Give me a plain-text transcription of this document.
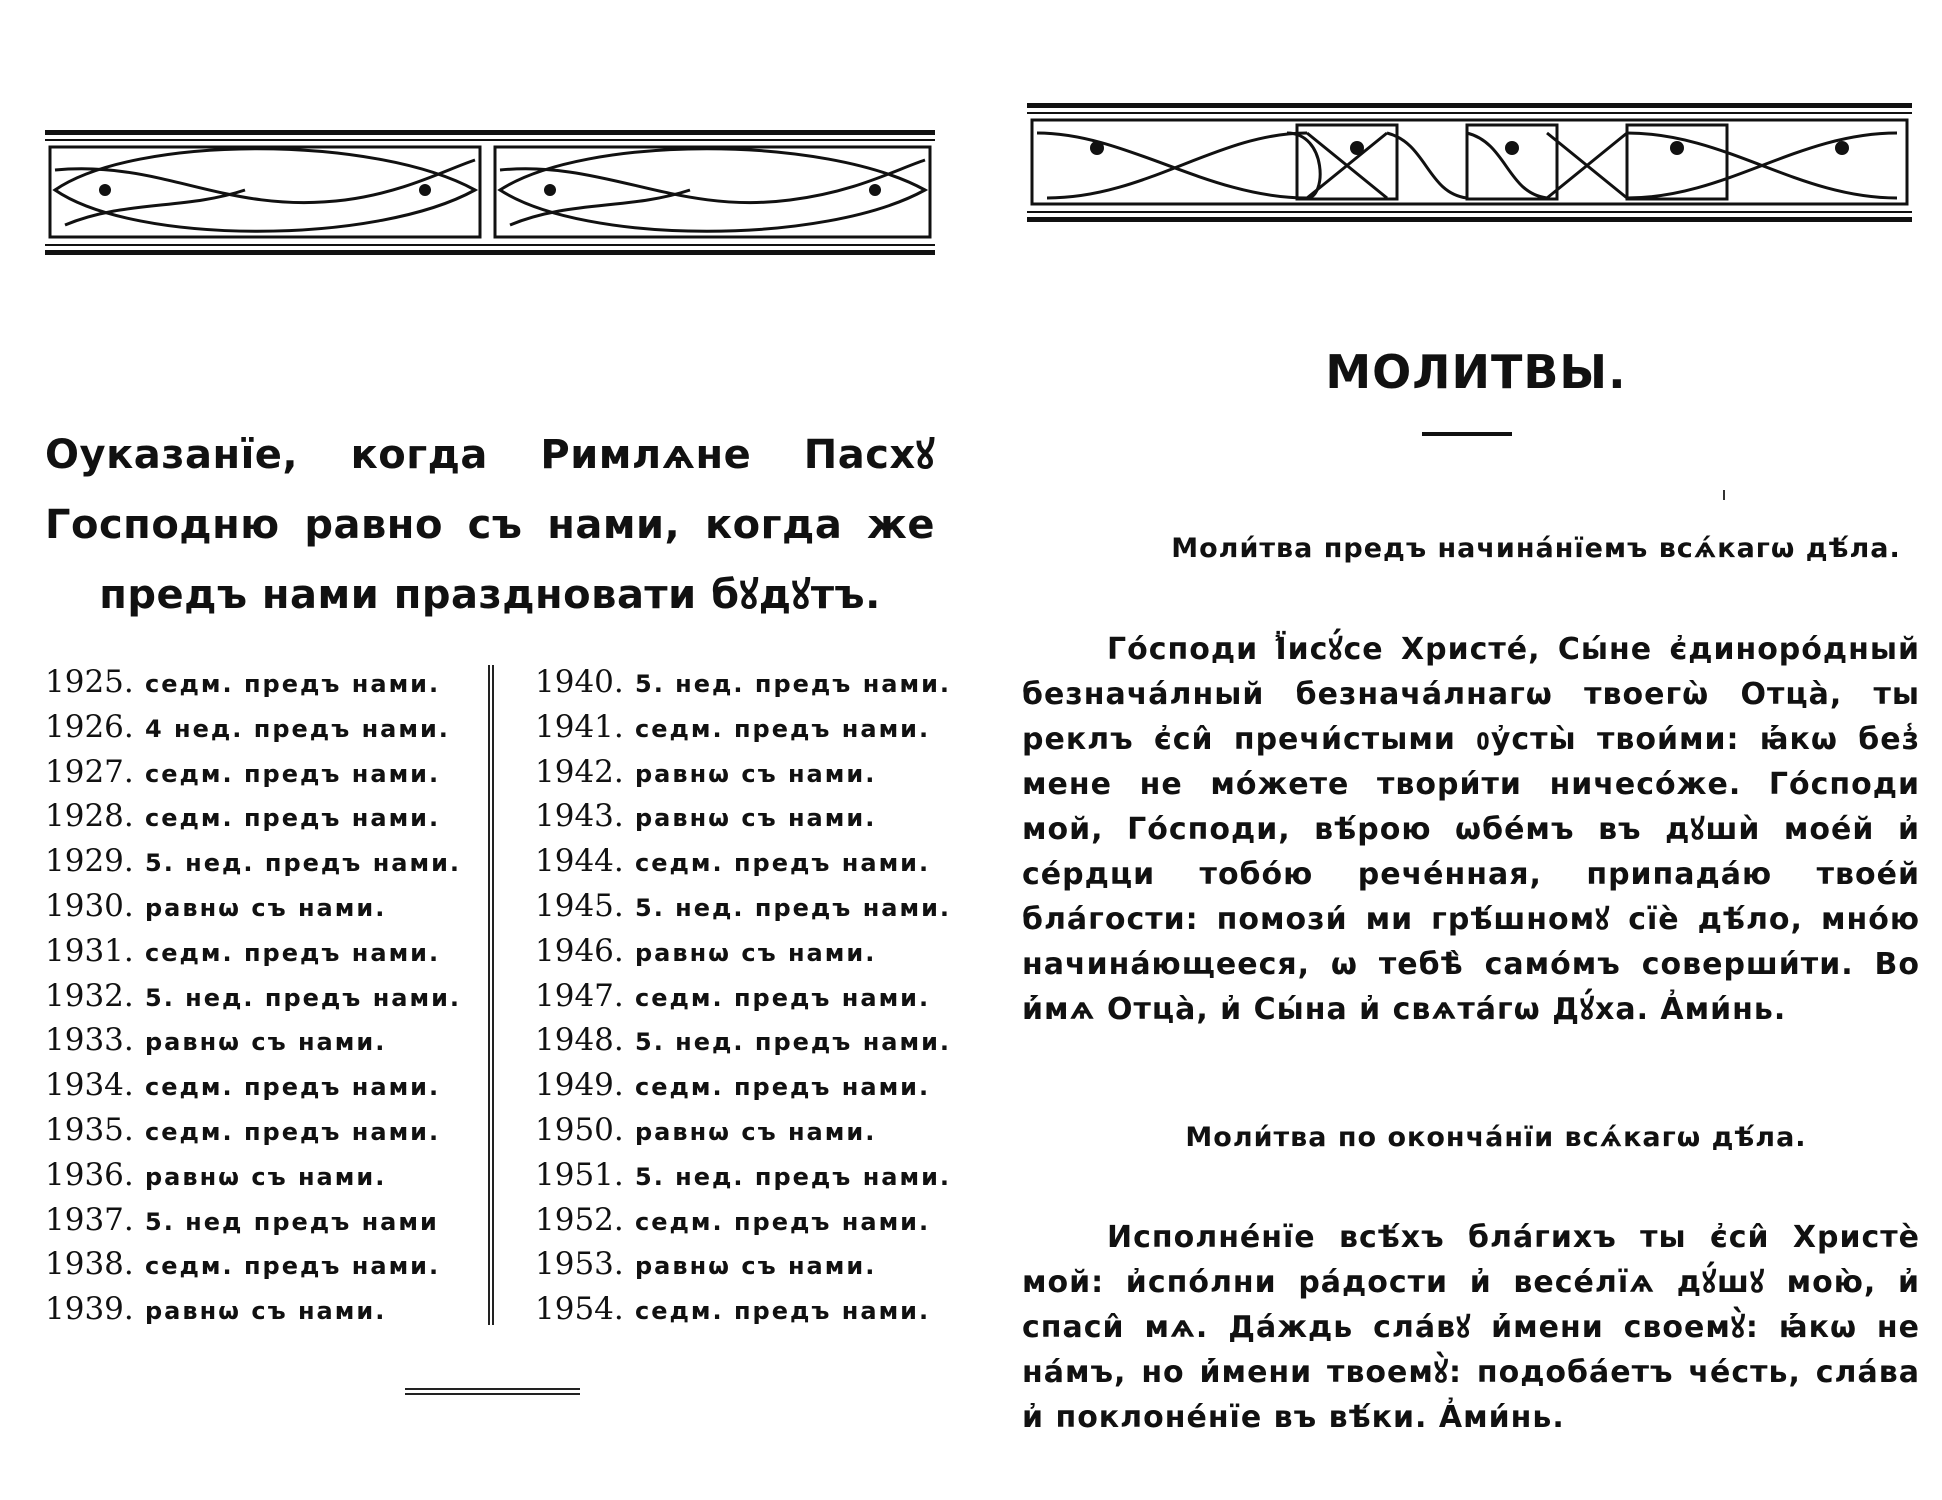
Оуказанїе, когда Римлѧне Пасхꙋ Господню равно съ нами, когда же предъ нами праздновати бꙋдꙋтъ.
1925. седм. предъ нами.
1926. 4 нед. предъ нами.
1927. седм. предъ нами.
1928. седм. предъ нами.
1929. 5. нед. предъ нами.
1930. равнѡ съ нами.
1931. седм. предъ нами.
1932. 5. нед. предъ нами.
1933. равнѡ съ нами.
1934. седм. предъ нами.
1935. седм. предъ нами.
1936. равнѡ съ нами.
1937. 5. нед предъ нами
1938. седм. предъ нами.
1939. равнѡ съ нами.
1940. 5. нед. предъ нами.
1941. седм. предъ нами.
1942. равнѡ съ нами.
1943. равнѡ съ нами.
1944. седм. предъ нами.
1945. 5. нед. предъ нами.
1946. равнѡ съ нами.
1947. седм. предъ нами.
1948. 5. нед. предъ нами.
1949. седм. предъ нами.
1950. равнѡ съ нами.
1951. 5. нед. предъ нами.
1952. седм. предъ нами.
1953. равнѡ съ нами.
1954. седм. предъ нами.
МОЛИТВЫ.
Моли́тва предъ начина́нїемъ всѧ́кагѡ дѣ́ла.
Го́споди Ї҆исꙋ́се Христе́, Сы́не є҆диноро́дный безнача́лный безнача́лнагѡ твоегѡ̀ Отца̀, ты рeклъ є҆си̂ пречи́стыми ᲂу҆сты̀ твои́ми: ꙗ҆́кѡ без̾ мене не мо́жете твори́ти ничесо́же. Го́споди мой, Го́споди, вѣ́рою ѡбе́мъ въ дꙋшѝ моéй и҆ се́рдци тобо́ю рече́нная, припада́ю твое́й бла́гости: помози́ ми грѣ́шномꙋ сїѐ дѣ́ло, мно́ю начина́ющееся, ѡ тебѣ̀ само́мъ соверши́ти. Во и҆́мѧ Отца̀, и҆ Сы́на и҆ свѧта́гѡ Дꙋ́ха. А҆ми́нь.
Моли́тва по оконча́нїи всѧ́кагѡ дѣ́ла.
Исполне́нїе всѣ́хъ бла́гихъ ты є҆си̂ Христѐ мой: и҆спо́лни ра́дости и҆ весе́лїѧ дꙋ́шꙋ мою̀, и҆ спаси̂ мѧ. Да́ждь сла́вꙋ и҆́мени своемꙋ̀: ꙗ҆́кѡ не на́мъ, но и҆́мени твоемꙋ̀: подоба́етъ че́сть, сла́ва и҆ поклоне́нїе въ вѣ́ки. А҆ми́нь.
